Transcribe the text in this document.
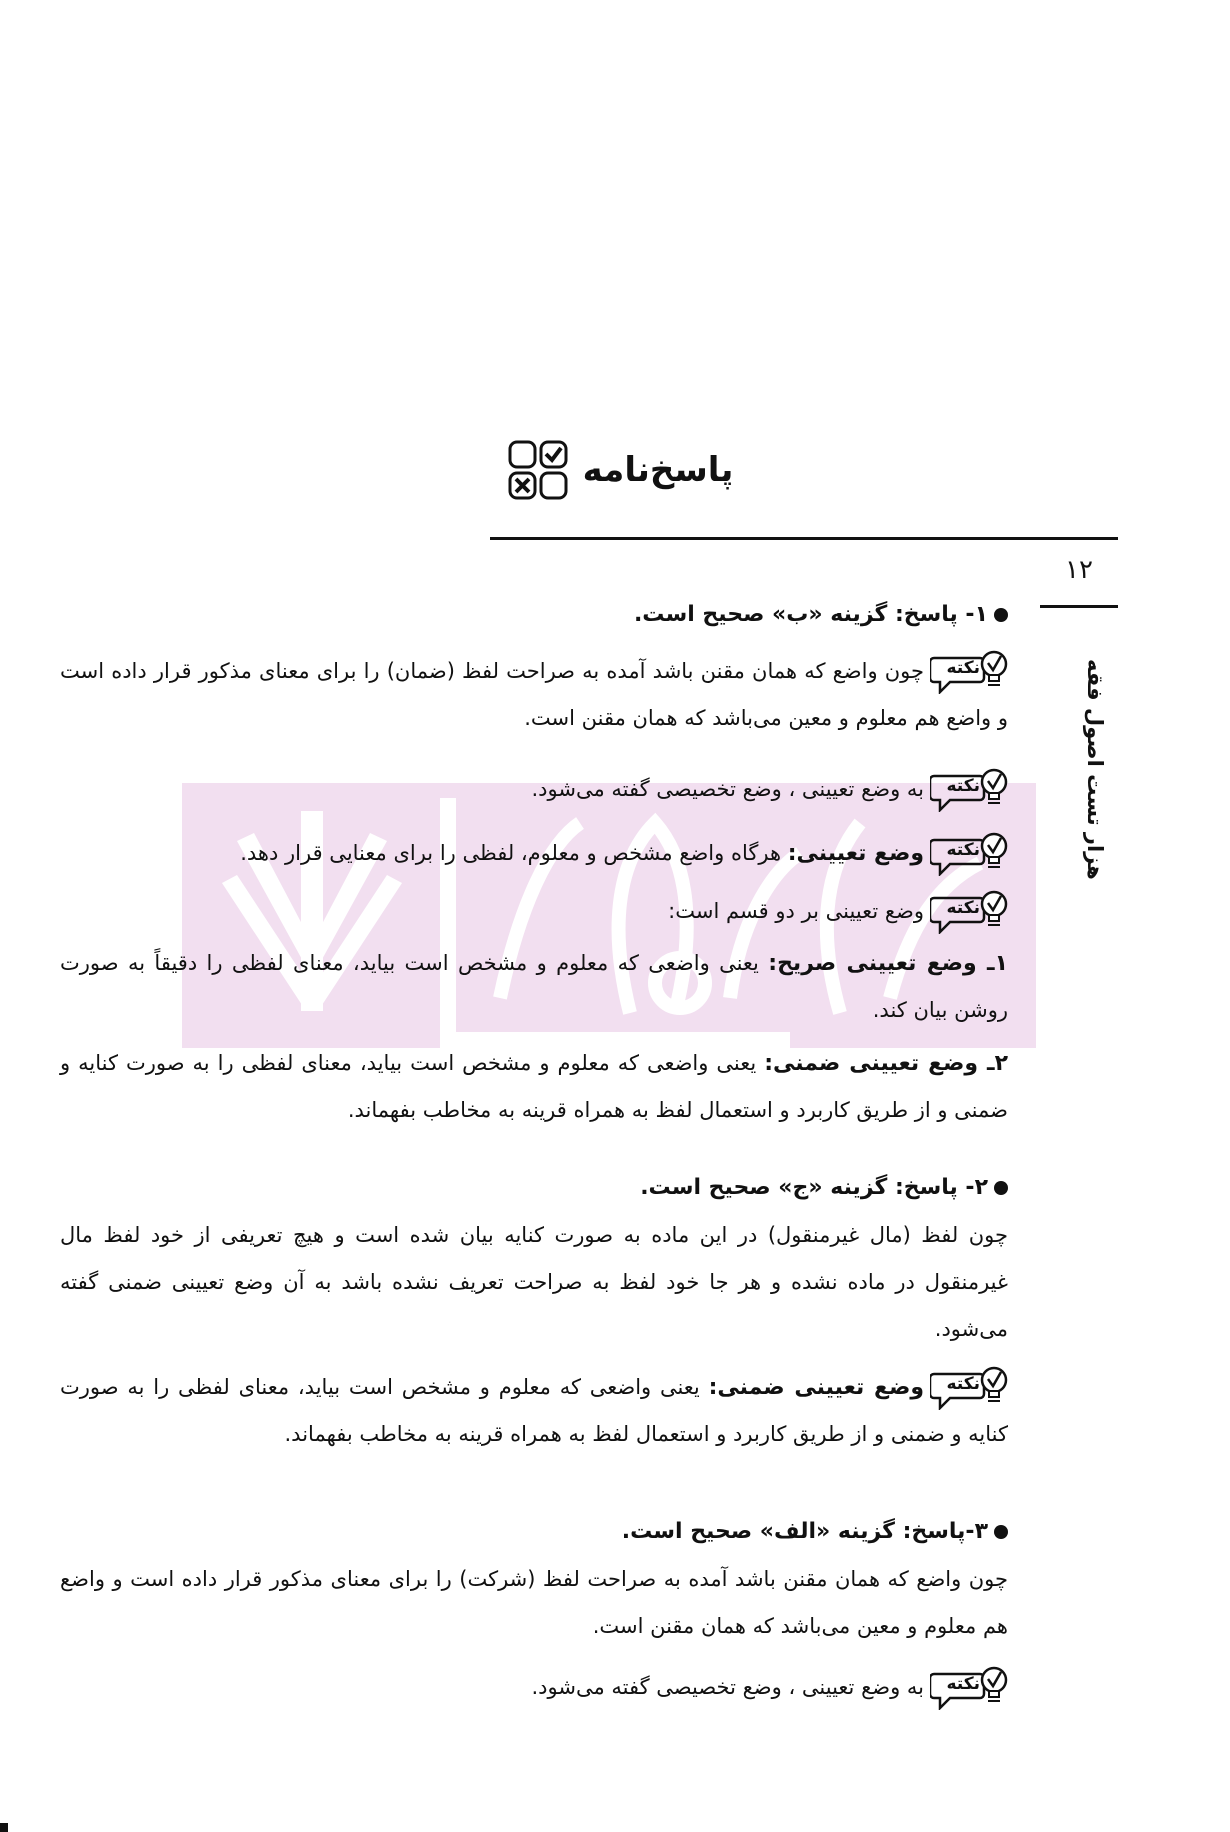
پاسخ‌نامه
۱۲
هزار تست اصول فقه
۱- پاسخ: گزینه «ب» صحیح است.
نکته
چون واضع که همان مقنن باشد آمده به صراحت لفظ (ضمان) را برای معنای مذکور قرار داده است و واضع هم معلوم و معین می‌باشد که همان مقنن است.
نکته
به وضع تعیینی ، وضع تخصیصی گفته می‌شود.
نکته
وضع تعیینی: هرگاه واضع مشخص و معلوم، لفظی را برای معنایی قرار دهد.
نکته
وضع تعیینی بر دو قسم است:
۱ـ وضع تعیینی صریح: یعنی واضعی که معلوم و مشخص است بیاید، معنای لفظی را دقیقاً به صورت روشن بیان کند.
۲ـ وضع تعیینی ضمنی: یعنی واضعی که معلوم و مشخص است بیاید، معنای لفظی را به صورت کنایه و ضمنی و از طریق کاربرد و استعمال لفظ به همراه قرینه به مخاطب بفهماند.
۲- پاسخ: گزینه «ج» صحیح است.
چون لفظ (مال غیرمنقول) در این ماده به صورت کنایه بیان شده است و هیچ تعریفی از خود لفظ مال غیرمنقول در ماده نشده و هر جا خود لفظ به صراحت تعریف نشده باشد به آن وضع تعیینی ضمنی گفته می‌شود.
نکته
وضع تعیینی ضمنی: یعنی واضعی که معلوم و مشخص است بیاید، معنای لفظی را به صورت کنایه و ضمنی و از طریق کاربرد و استعمال لفظ به همراه قرینه به مخاطب بفهماند.
۳-پاسخ: گزینه «الف» صحیح است.
چون واضع که همان مقنن باشد آمده به صراحت لفظ (شرکت) را برای معنای مذکور قرار داده است و واضع هم معلوم و معین می‌باشد که همان مقنن است.
نکته
به وضع تعیینی ، وضع تخصیصی گفته می‌شود.
